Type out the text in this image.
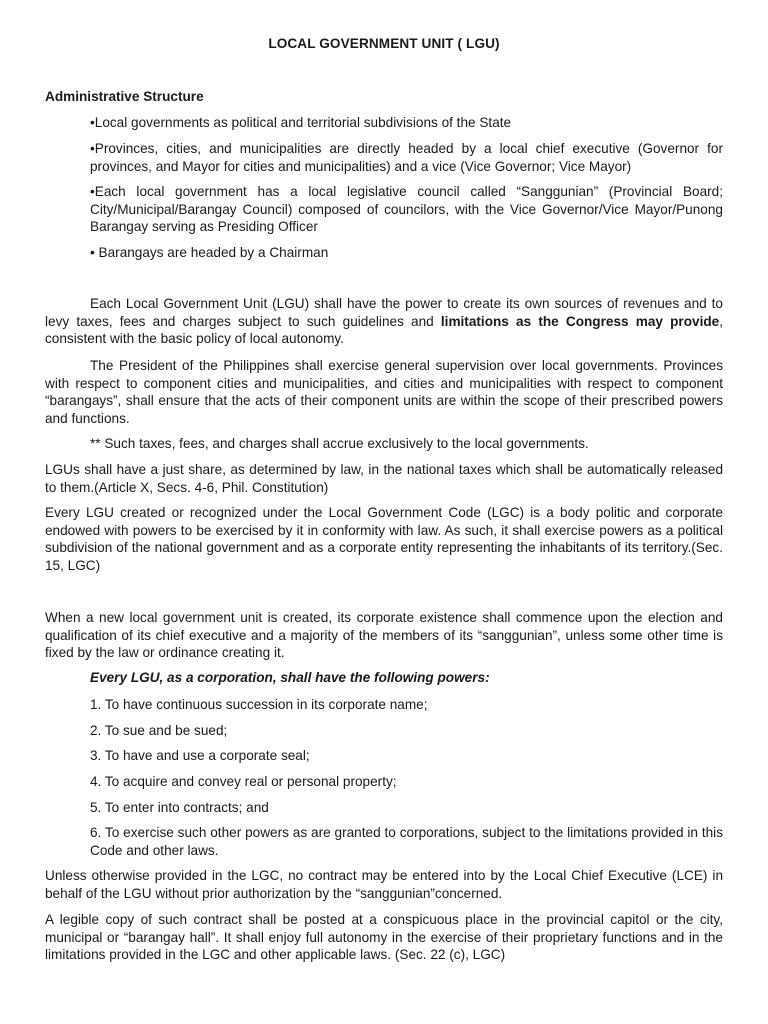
LOCAL GOVERNMENT UNIT ( LGU)
Administrative Structure

•Local governments as political and territorial subdivisions of the State

•Provinces, cities, and municipalities are directly headed by a local chief executive (Governor for provinces, and Mayor for cities and municipalities) and a vice (Vice Governor; Vice Mayor)

•Each local government has a local legislative council called “Sanggunian” (Provincial Board; City/Municipal/Barangay Council) composed of councilors, with the Vice Governor/Vice Mayor/Punong Barangay serving as Presiding Officer

• Barangays are headed by a Chairman

Each Local Government Unit (LGU) shall have the power to create its own sources of revenues and to levy taxes, fees and charges subject to such guidelines and limitations as the Congress may provide, consistent with the basic policy of local autonomy.

The President of the Philippines shall exercise general supervision over local governments. Provinces with respect to component cities and municipalities, and cities and municipalities with respect to component “barangays”, shall ensure that the acts of their component units are within the scope of their prescribed powers and functions.

** Such taxes, fees, and charges shall accrue exclusively to the local governments.

LGUs shall have a just share, as determined by law, in the national taxes which shall be automatically released to them.(Article X, Secs. 4-6, Phil. Constitution)

Every LGU created or recognized under the Local Government Code (LGC) is a body politic and corporate endowed with powers to be exercised by it in conformity with law. As such, it shall exercise powers as a political subdivision of the national government and as a corporate entity representing the inhabitants of its territory.(Sec. 15, LGC)

When a new local government unit is created, its corporate existence shall commence upon the election and qualification of its chief executive and a majority of the members of its “sanggunian”, unless some other time is fixed by the law or ordinance creating it.

Every LGU, as a corporation, shall have the following powers:

1. To have continuous succession in its corporate name;

2. To sue and be sued;

3. To have and use a corporate seal;

4. To acquire and convey real or personal property;

5. To enter into contracts; and

6. To exercise such other powers as are granted to corporations, subject to the limitations provided in this Code and other laws.

Unless otherwise provided in the LGC, no contract may be entered into by the Local Chief Executive (LCE) in behalf of the LGU without prior authorization by the “sanggunian”concerned.

A legible copy of such contract shall be posted at a conspicuous place in the provincial capitol or the city, municipal or “barangay hall”. It shall enjoy full autonomy in the exercise of their proprietary functions and in the limitations provided in the LGC and other applicable laws. (Sec. 22 (c), LGC)
